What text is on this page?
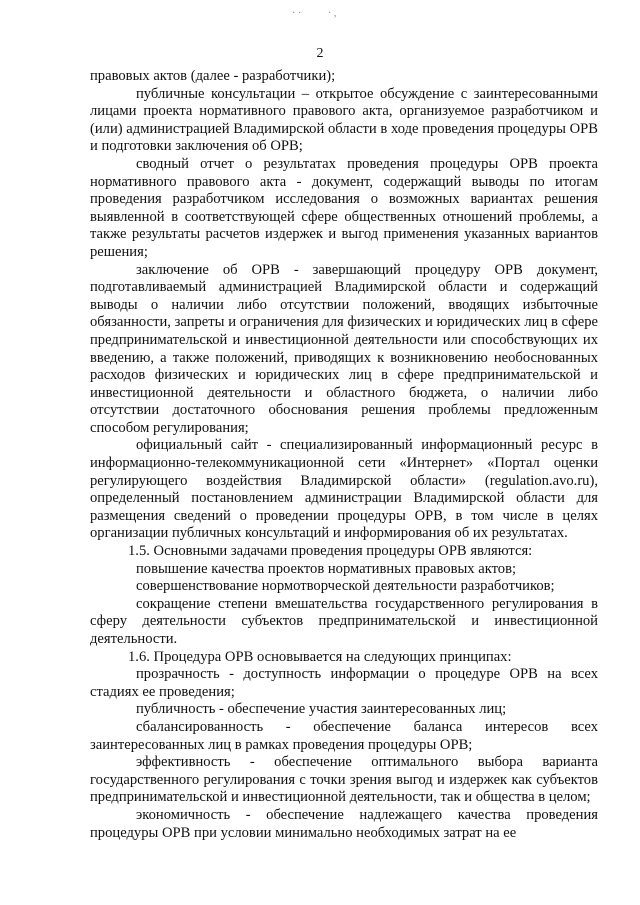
· ·	· ,
2

правовых актов (далее - разработчики);

публичные консультации – открытое обсуждение с заинтересованными лицами проекта нормативного правового акта, организуемое разработчиком и (или) администрацией Владимирской области в ходе проведения процедуры ОРВ и подготовки заключения об ОРВ;

сводный отчет о результатах проведения процедуры ОРВ проекта нормативного правового акта - документ, содержащий выводы по итогам проведения разработчиком исследования о возможных вариантах решения выявленной в соответствующей сфере общественных отношений проблемы, а также результаты расчетов издержек и выгод применения указанных вариантов решения;

заключение об ОРВ - завершающий процедуру ОРВ документ, подготавливаемый администрацией Владимирской области и содержащий выводы о наличии либо отсутствии положений, вводящих избыточные обязанности, запреты и ограничения для физических и юридических лиц в сфере предпринимательской и инвестиционной деятельности или способствующих их введению, а также положений, приводящих к возникновению необоснованных расходов физических и юридических лиц в сфере предпринимательской и инвестиционной деятельности и областного бюджета, о наличии либо отсутствии достаточного обоснования решения проблемы предложенным способом регулирования;

официальный сайт - специализированный информационный ресурс в информационно-телекоммуникационной сети «Интернет» «Портал оценки регулирующего воздействия Владимирской области» (regulation.avo.ru), определенный постановлением администрации Владимирской области для размещения сведений о проведении процедуры ОРВ, в том числе в целях организации публичных консультаций и информирования об их результатах.

1.5. Основными задачами проведения процедуры ОРВ являются:

повышение качества проектов нормативных правовых актов;

совершенствование нормотворческой деятельности разработчиков;

сокращение степени вмешательства государственного регулирования в сферу деятельности субъектов предпринимательской и инвестиционной деятельности.

1.6. Процедура ОРВ основывается на следующих принципах:

прозрачность - доступность информации о процедуре ОРВ на всех стадиях ее проведения;

публичность - обеспечение участия заинтересованных лиц;

сбалансированность - обеспечение баланса интересов всех заинтересованных лиц в рамках проведения процедуры ОРВ;

эффективность - обеспечение оптимального выбора варианта государственного регулирования с точки зрения выгод и издержек как субъектов предпринимательской и инвестиционной деятельности, так и общества в целом;

экономичность - обеспечение надлежащего качества проведения процедуры ОРВ при условии минимально необходимых затрат на ее
